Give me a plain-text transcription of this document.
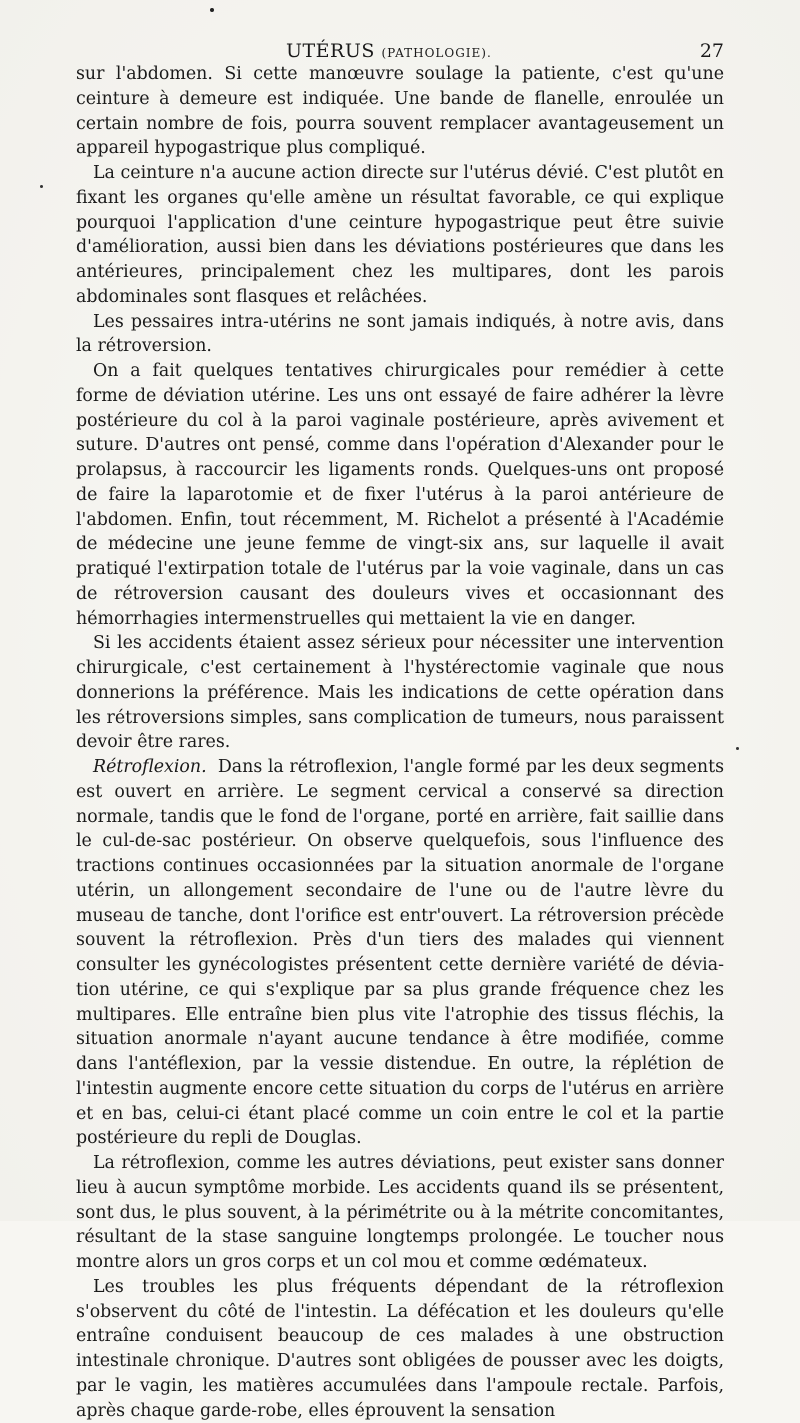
UTÉRUS (PATHOLOGIE).	27

sur l'abdomen. Si cette manœuvre soulage la patiente, c'est qu'une ceinture à demeure est indiquée. Une bande de flanelle, enroulée un certain nombre de fois, pourra souvent remplacer avantageusement un appareil hypogastrique plus compliqué.

La ceinture n'a aucune action directe sur l'utérus dévié. C'est plutôt en fixant les organes qu'elle amène un résultat favorable, ce qui explique pourquoi l'application d'une ceinture hypogastrique peut être suivie d'amélioration, aussi bien dans les déviations postérieures que dans les antérieures, principalement chez les multipares, dont les parois abdominales sont flasques et relâchées.

Les pessaires intra-utérins ne sont jamais indiqués, à notre avis, dans la rétroversion.

On a fait quelques tentatives chirurgicales pour remédier à cette forme de déviation utérine. Les uns ont essayé de faire adhérer la lèvre postérieure du col à la paroi vaginale postérieure, après avivement et suture. D'autres ont pensé, comme dans l'opération d'Alexander pour le prolapsus, à raccourcir les ligaments ronds. Quelques-uns ont proposé de faire la laparotomie et de fixer l'utérus à la paroi antérieure de l'abdomen. Enfin, tout récemment, M. Richelot a présenté à l'Académie de médecine une jeune femme de vingt-six ans, sur laquelle il avait pratiqué l'extirpation totale de l'utérus par la voie vaginale, dans un cas de rétroversion causant des douleurs vives et occasionnant des hémorrhagies intermenstruelles qui mettaient la vie en danger.

Si les accidents étaient assez sérieux pour nécessiter une intervention chirurgicale, c'est certainement à l'hystérectomie vaginale que nous donnerions la préférence. Mais les indications de cette opération dans les rétroversions simples, sans complication de tumeurs, nous paraissent devoir être rares.

Rétroflexion. Dans la rétroflexion, l'angle formé par les deux segments est ouvert en arrière. Le segment cervical a conservé sa direction normale, tandis que le fond de l'organe, porté en arrière, fait saillie dans le cul-de-sac postérieur. On observe quelquefois, sous l'influence des tractions continues occasionnées par la situation anormale de l'organe utérin, un allongement secondaire de l'une ou de l'autre lèvre du museau de tanche, dont l'orifice est entr'ouvert. La rétroversion précède souvent la rétroflexion. Près d'un tiers des malades qui viennent consulter les gynécologistes présentent cette dernière variété de déviation utérine, ce qui s'explique par sa plus grande fréquence chez les multipares. Elle entraîne bien plus vite l'atrophie des tissus fléchis, la situation anormale n'ayant aucune tendance à être modifiée, comme dans l'antéflexion, par la vessie distendue. En outre, la réplétion de l'intestin augmente encore cette situation du corps de l'utérus en arrière et en bas, celui-ci étant placé comme un coin entre le col et la partie postérieure du repli de Douglas.

La rétroflexion, comme les autres déviations, peut exister sans donner lieu à aucun symptôme morbide. Les accidents quand ils se présentent, sont dus, le plus souvent, à la périmétrite ou à la métrite concomitantes, résultant de la stase sanguine longtemps prolongée. Le toucher nous montre alors un gros corps et un col mou et comme œdémateux.

Les troubles les plus fréquents dépendant de la rétroflexion s'observent du côté de l'intestin. La défécation et les douleurs qu'elle entraîne conduisent beaucoup de ces malades à une obstruction intestinale chronique. D'autres sont obligées de pousser avec les doigts, par le vagin, les matières accumulées dans l'ampoule rectale. Parfois, après chaque garde-robe, elles éprouvent la sensation
